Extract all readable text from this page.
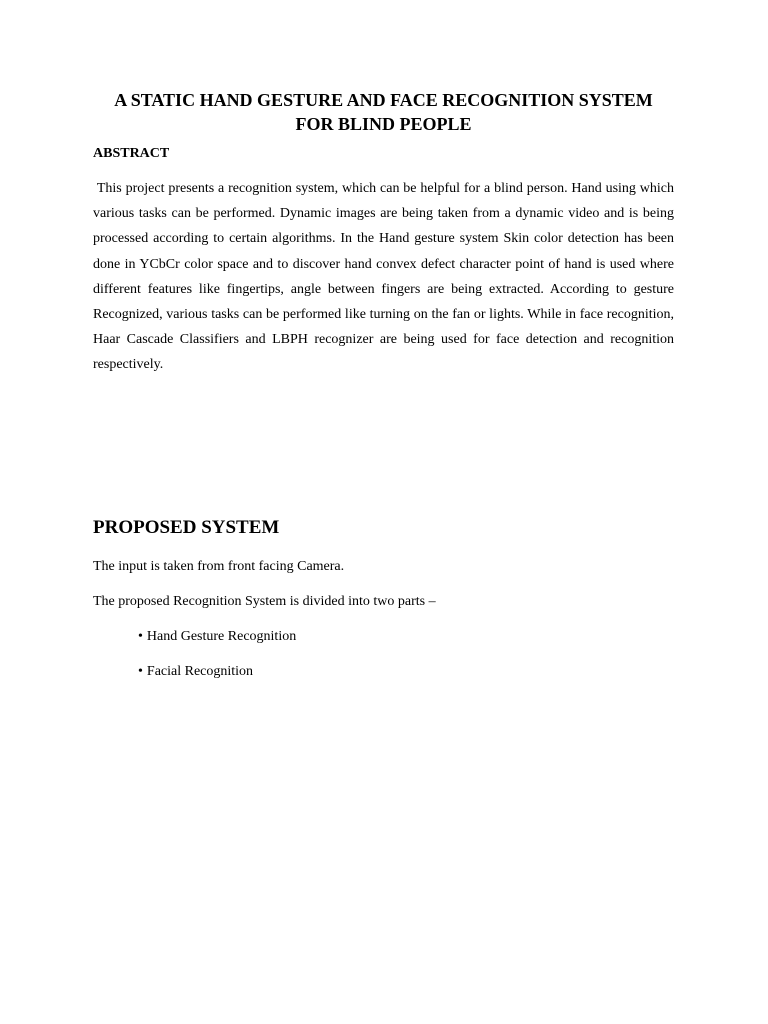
A STATIC HAND GESTURE AND FACE RECOGNITION SYSTEM FOR BLIND PEOPLE
ABSTRACT

This project presents a recognition system, which can be helpful for a blind person. Hand using which various tasks can be performed. Dynamic images are being taken from a dynamic video and is being processed according to certain algorithms. In the Hand gesture system Skin color detection has been done in YCbCr color space and to discover hand convex defect character point of hand is used where different features like fingertips, angle between fingers are being extracted. According to gesture Recognized, various tasks can be performed like turning on the fan or lights. While in face recognition, Haar Cascade Classifiers and LBPH recognizer are being used for face detection and recognition respectively.

PROPOSED SYSTEM

The input is taken from front facing Camera.

The proposed Recognition System is divided into two parts –

• Hand Gesture Recognition
• Facial Recognition
